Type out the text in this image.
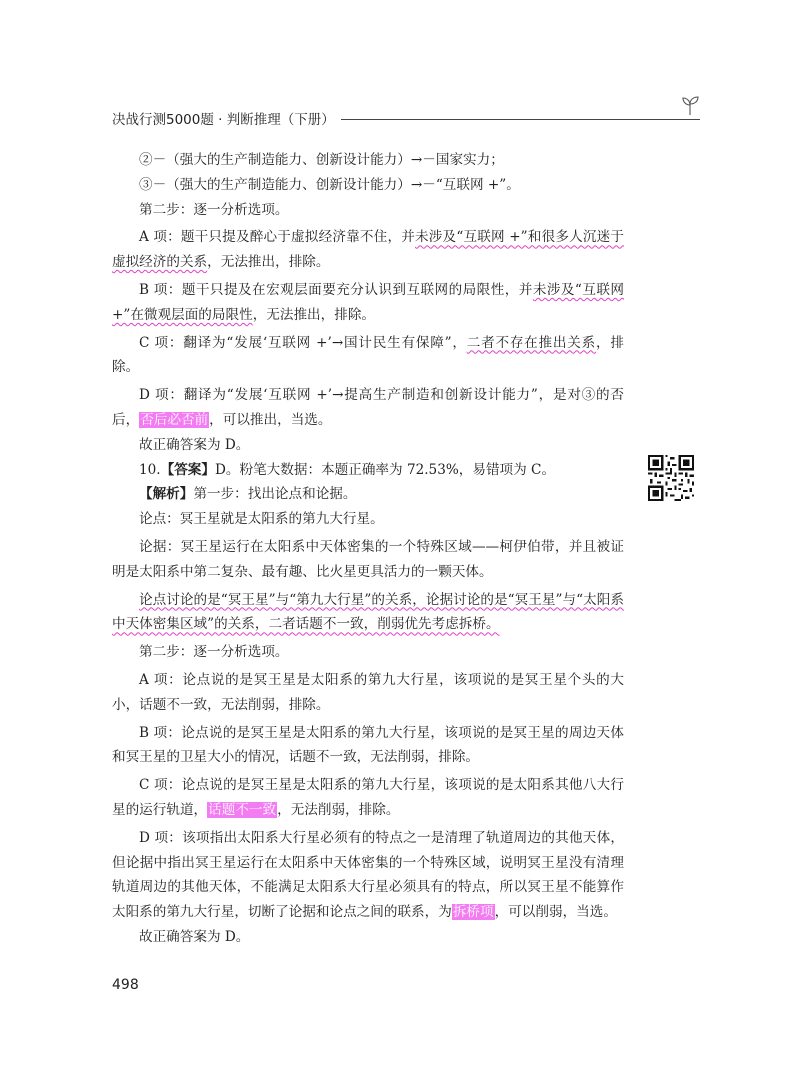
决战行测5000题 · 判断推理（下册）

②－（强大的生产制造能力、创新设计能力）→－国家实力；

③－（强大的生产制造能力、创新设计能力）→－“互联网 +”。

第二步：逐一分析选项。

A 项：题干只提及醉心于虚拟经济靠不住，并未涉及“互联网 +”和很多人沉迷于虚拟经济的关系，无法推出，排除。

B 项：题干只提及在宏观层面要充分认识到互联网的局限性，并未涉及“互联网 +”在微观层面的局限性，无法推出，排除。

C 项：翻译为“发展‘互联网 +’→国计民生有保障”，二者不存在推出关系，排除。

D 项：翻译为“发展‘互联网 +’→提高生产制造和创新设计能力”，是对③的否后，否后必否前，可以推出，当选。

故正确答案为 D。

10.【答案】D。粉笔大数据：本题正确率为 72.53%，易错项为 C。

【解析】第一步：找出论点和论据。

论点：冥王星就是太阳系的第九大行星。

论据：冥王星运行在太阳系中天体密集的一个特殊区域——柯伊伯带，并且被证明是太阳系中第二复杂、最有趣、比火星更具活力的一颗天体。

论点讨论的是“冥王星”与“第九大行星”的关系，论据讨论的是“冥王星”与“太阳系中天体密集区域”的关系，二者话题不一致，削弱优先考虑拆桥。

第二步：逐一分析选项。

A 项：论点说的是冥王星是太阳系的第九大行星，该项说的是冥王星个头的大小，话题不一致，无法削弱，排除。

B 项：论点说的是冥王星是太阳系的第九大行星，该项说的是冥王星的周边天体和冥王星的卫星大小的情况，话题不一致，无法削弱，排除。

C 项：论点说的是冥王星是太阳系的第九大行星，该项说的是太阳系其他八大行星的运行轨道，话题不一致，无法削弱，排除。

D 项：该项指出太阳系大行星必须有的特点之一是清理了轨道周边的其他天体，但论据中指出冥王星运行在太阳系中天体密集的一个特殊区域，说明冥王星没有清理轨道周边的其他天体，不能满足太阳系大行星必须具有的特点，所以冥王星不能算作太阳系的第九大行星，切断了论据和论点之间的联系，为拆桥项，可以削弱，当选。

故正确答案为 D。

498
